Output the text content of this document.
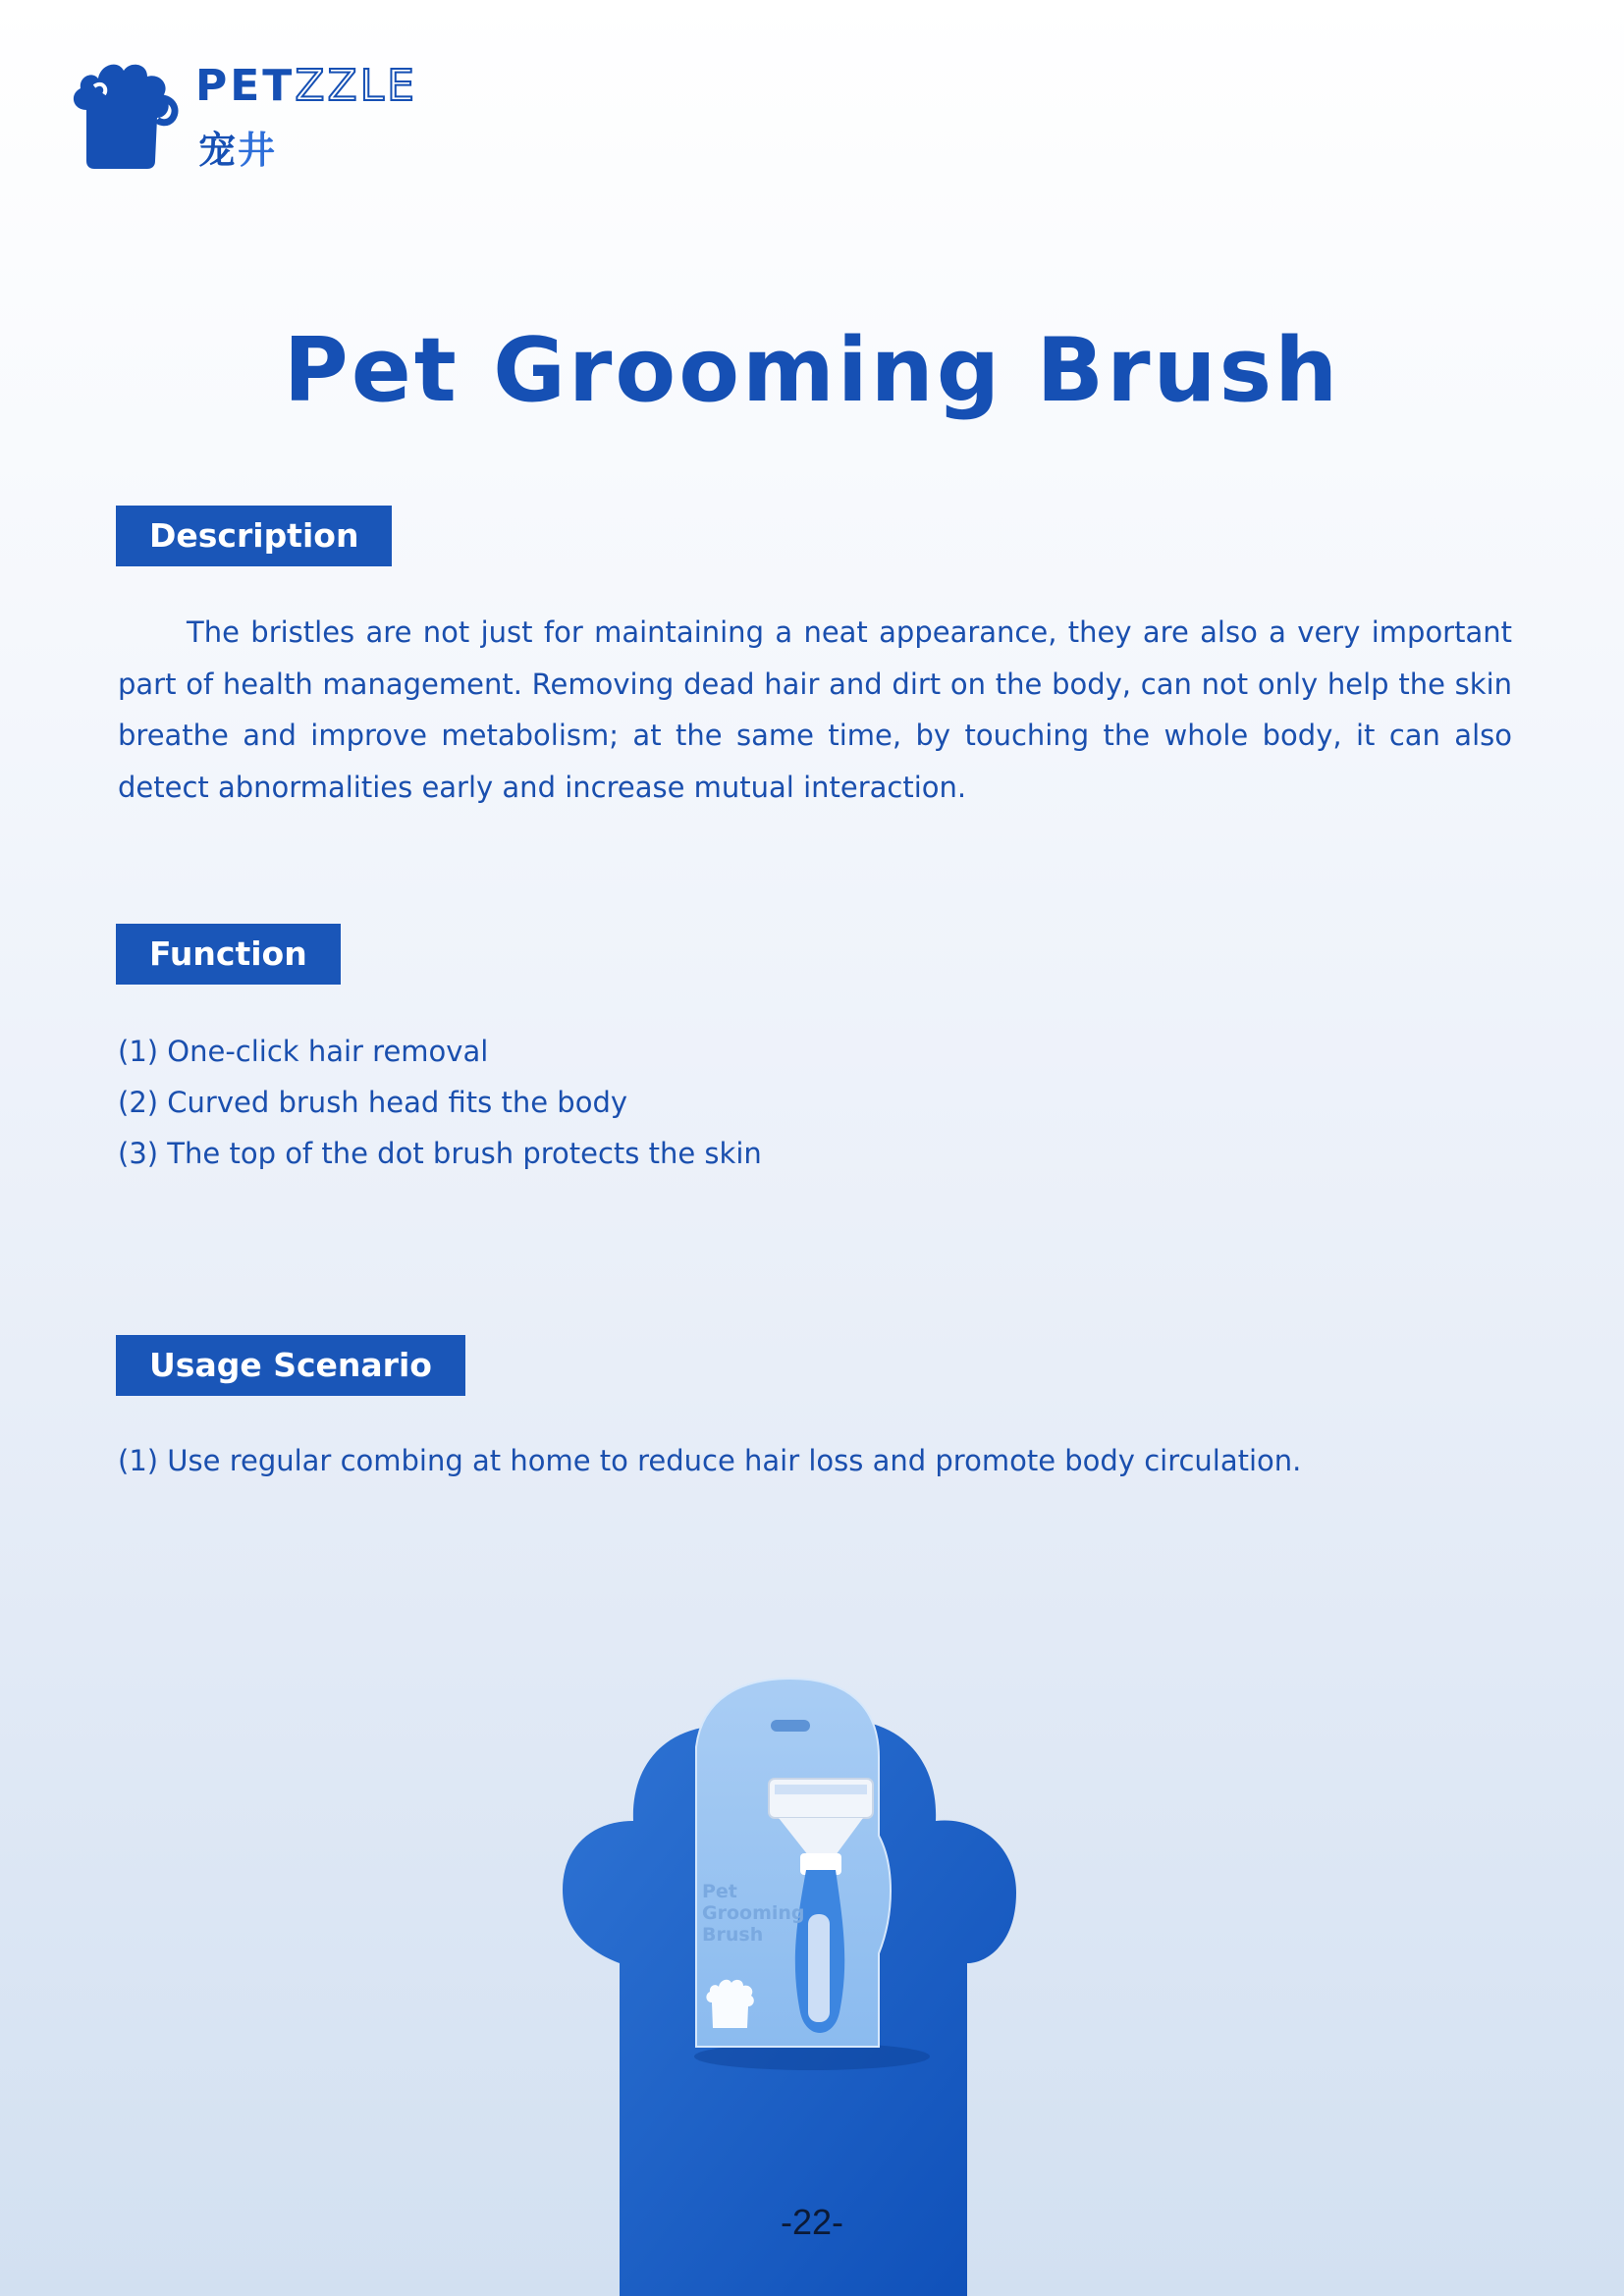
PETZZLE
宠井
Pet Grooming Brush
Description

The bristles are not just for maintaining a neat appearance, they are also a very important part of health management. Removing dead hair and dirt on the body, can not only help the skin breathe and improve metabolism; at the same time, by touching the whole body, it can also detect abnormalities early and increase mutual interaction.

Function
(1) One-click hair removal
(2) Curved brush head fits the body
(3) The top of the dot brush protects the skin
Usage Scenario
(1) Use regular combing at home to reduce hair loss and promote body circulation.
Pet
Grooming
Brush
-22-
